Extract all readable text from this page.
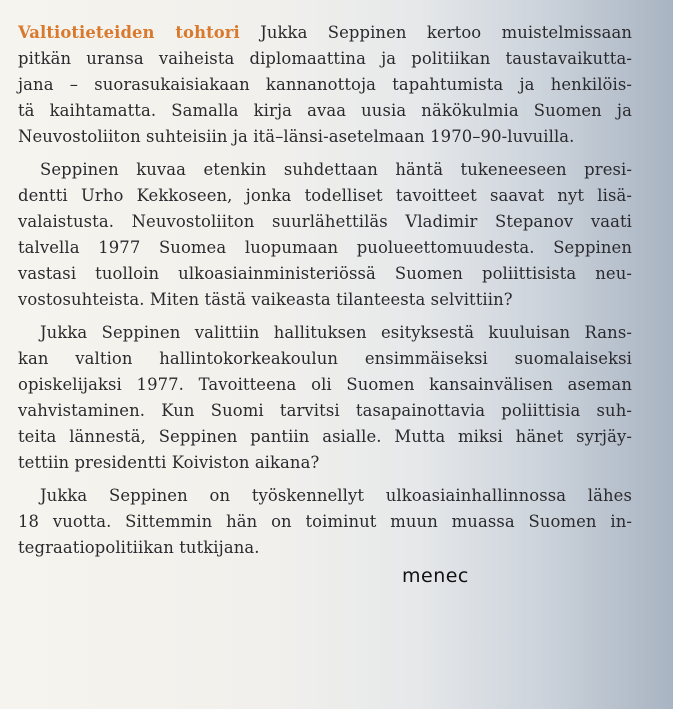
Valtiotieteiden tohtori Jukka Seppinen kertoo muistelmissaan
pitkän uransa vaiheista diplomaattina ja politiikan taustavaikutta-
jana – suorasukaisiakaan kannanottoja tapahtumista ja henkilöis-
tä kaihtamatta. Samalla kirja avaa uusia näkökulmia Suomen ja
Neuvostoliiton suhteisiin ja itä–länsi-asetelmaan 1970–90-luvuilla.
Seppinen kuvaa etenkin suhdettaan häntä tukeneeseen presi-
dentti Urho Kekkoseen, jonka todelliset tavoitteet saavat nyt lisä-
valaistusta. Neuvostoliiton suurlähettiläs Vladimir Stepanov vaati
talvella 1977 Suomea luopumaan puolueettomuudesta. Seppinen
vastasi tuolloin ulkoasiainministeriössä Suomen poliittisista neu-
vostosuhteista. Miten tästä vaikeasta tilanteesta selvittiin?
Jukka Seppinen valittiin hallituksen esityksestä kuuluisan Rans-
kan valtion hallintokorkeakoulun ensimmäiseksi suomalaiseksi
opiskelijaksi 1977. Tavoitteena oli Suomen kansainvälisen aseman
vahvistaminen. Kun Suomi tarvitsi tasapainottavia poliittisia suh-
teita lännestä, Seppinen pantiin asialle. Mutta miksi hänet syrjäy-
tettiin presidentti Koiviston aikana?
Jukka Seppinen on työskennellyt ulkoasiainhallinnossa lähes
18 vuotta. Sittemmin hän on toiminut muun muassa Suomen in-
tegraatiopolitiikan tutkijana.
menec
